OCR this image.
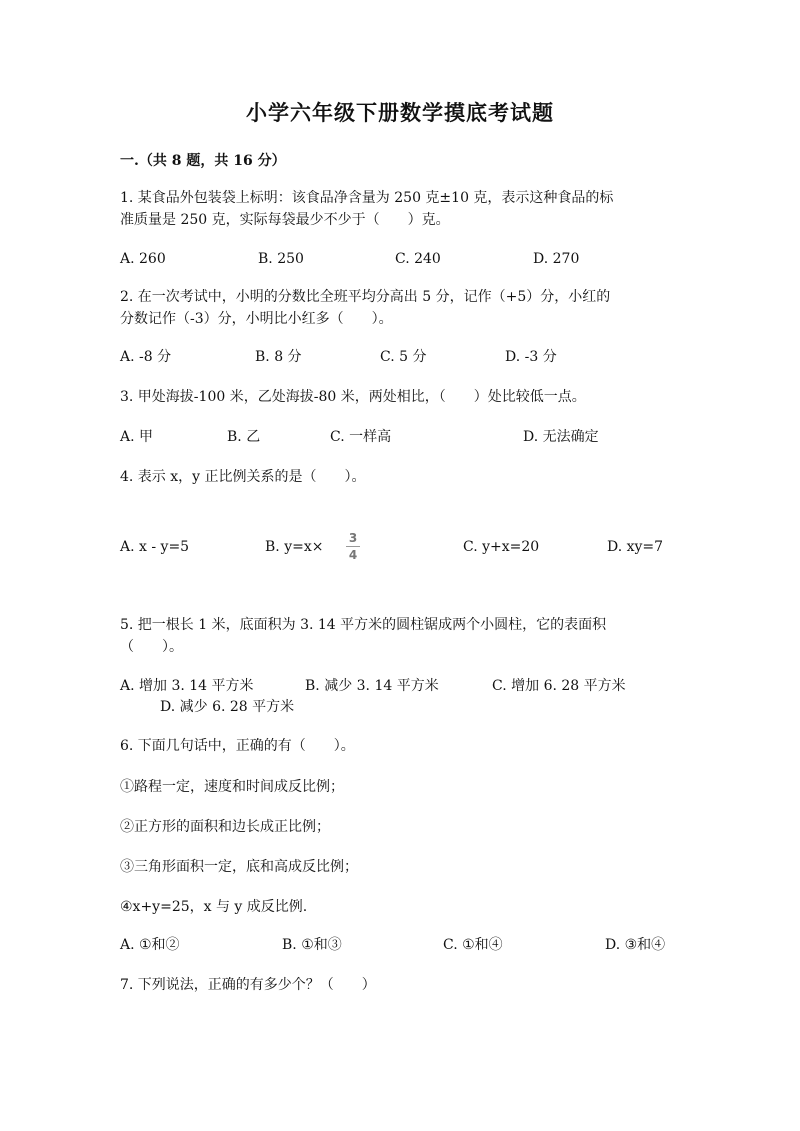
小学六年级下册数学摸底考试题
一.（共 8 题，共 16 分）
1. 某食品外包装袋上标明：该食品净含量为 250 克±10 克，表示这种食品的标
准质量是 250 克，实际每袋最少不少于（　　）克。
A. 260	B. 250	C. 240	D. 270
2. 在一次考试中，小明的分数比全班平均分高出 5 分，记作（+5）分，小红的
分数记作（-3）分，小明比小红多（　　）。
A. -8 分	B. 8 分	C. 5 分	D. -3 分
3. 甲处海拔-100 米，乙处海拔-80 米，两处相比，（　　）处比较低一点。
A. 甲	B. 乙	C. 一样高	D. 无法确定
4. 表示 x，y 正比例关系的是（　　）。
A. x - y=5	B. y=x×
3
4	C. y+x=20	D. xy=7
5. 把一根长 1 米，底面积为 3. 14 平方米的圆柱锯成两个小圆柱，它的表面积
（　　）。
A. 增加 3. 14 平方米	B. 减少 3. 14 平方米	C. 增加 6. 28 平方米
D. 减少 6. 28 平方米
6. 下面几句话中，正确的有（　　）。
①路程一定，速度和时间成反比例；
②正方形的面积和边长成正比例；
③三角形面积一定，底和高成反比例；
④x+y=25，x 与 y 成反比例.
A. ①和②	B. ①和③	C. ①和④	D. ③和④
7. 下列说法，正确的有多少个？（　　）
